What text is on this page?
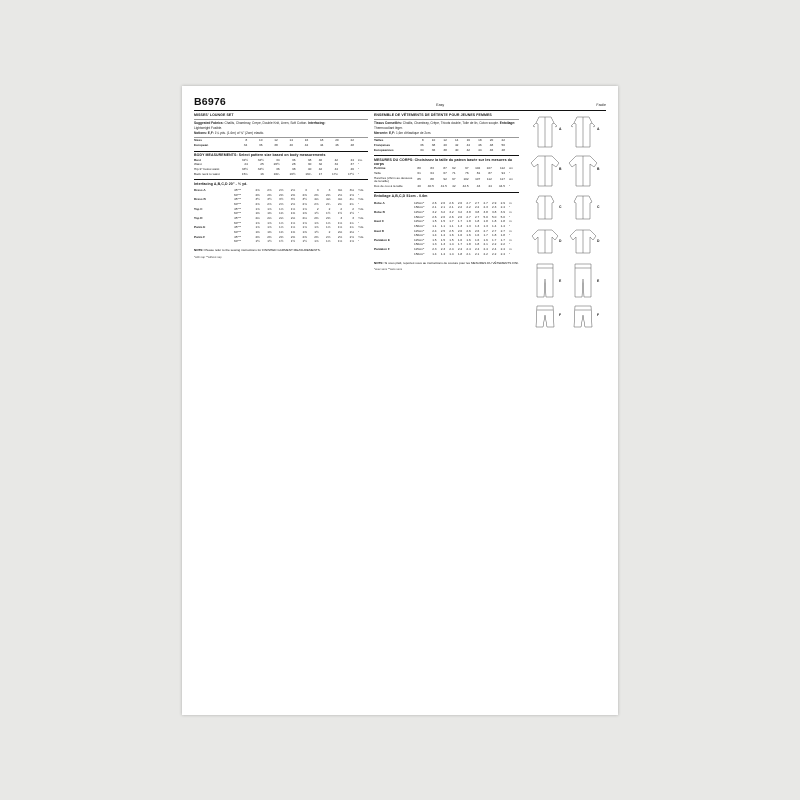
B6976	Easy	Facile
MISSES' LOUNGE SET
Suggested Fabrics: Challis, Chambray, Crepe, Double Knit, Linen, Soft Cotton. Interfacing:
Lightweight Fusible.
Notions: E,F: 1¼ yds. (1.6m) of ¾" (2cm) elastic.
Sizes	8	10	12	14	16	18	20	22	
European	34	36	38	40	42	44	46	48	
BODY MEASUREMENTS: Select pattern size based on body measurements
Bust	31½	32½	34	36	38	40	42	44	ins.
Waist	24	25	26½	28	30	32	34	37	"
Hip-9" below waist	33½	34½	36	38	40	42	44	46	"
Back neck to waist	15¾	16	16¼	16½	16¾	17	17¼	17½	"
Interfacing A,B,C,D 20" - ½ yd.
Dress A	45"**	2⅝	2⅝	2⅝	2⅝	3	3	3	3⅛	3⅛	Yds.
	60"**	2⅜	2⅜	2⅜	2⅜	2⅜	2⅜	2⅜	2⅝	2⅝	"
Dress B	45"**	3½	3½	3½	3½	3½	4⅛	4⅛	4⅛	4¼	Yds.
	60"**	2⅝	2⅝	2⅝	2⅝	2⅝	2⅝	2¾	2¾	2¾	"
Top C	45"**	1⅝	1⅝	1⅝	1⅝	1⅝	2	2	2	2	Yds.
	60"**	1⅜	1⅜	1⅜	1⅜	1⅜	1½	1½	1½	1½	"
Top D	45"**	2⅛	2⅛	2⅛	2⅛	2⅛	2⅜	2⅜	3	3	Yds.
	60"**	1⅝	1⅝	1⅝	1⅝	1⅝	1⅝	1⅝	1⅝	1¾	"
Pants E	45"**	1⅝	1⅝	1⅝	1⅝	1⅝	1⅝	1⅝	1⅝	1¾	Yds.
	60"**	1⅜	1⅜	1⅜	1⅜	1⅜	1½	2	2⅛	2⅛	"
Pants F	45"**	2⅜	2⅜	2⅜	2⅜	2⅜	2⅜	2⅝	2⅝	2⅝	Yds.
	60"**	1½	1½	1½	1½	1½	1⅝	1⅝	1⅝	1⅝	"
NOTE: Please refer to the sewing instructions for FINISHED GARMENT MEASUREMENTS.
*with nap **without nap
ENSEMBLE DE VÊTEMENTS DE DÉTENTE POUR JEUNES FEMMES
Tissus Conseillés: Challis, Chambray, Crêpe, Tricots double, Toile de lin, Coton souple. Entoilage:
Thermocollant léger.
Mercerie: E,F: 1,6m d'élastique de 2cm.
Tailles	8	10	12	14	16	18	20	22	
Françaises	36	38	40	42	44	46	48	50	
Européennes	34	36	38	40	42	44	46	48	
MESURES DU CORPS: Choisissez la taille du patron basée sur les mesures du corps
Poitrine	80	83	87	92	97	102	107	112	cm
Taille	61	64	67	71	76	81	87	94	"
Hanches (23cm au dessous de la taille)	85	88	92	97	102	107	112	117	cm
Dos de cou à la taille	40	40.5	41.5	42	42.5	43	44	44.5	"
Entoilage A,B,C,D 51cm - 0.6m
Robe A	115cm*	2.6	2.6	2.6	2.6	2.7	2.7	2.7	2.9	2.9	m
	150cm*	2.1	2.1	2.1	2.2	2.2	2.2	2.3	2.3	2.4	"
Robe B	115cm*	3.2	3.2	3.2	3.2	3.8	3.8	3.8	3.8	3.9	m
	150cm*	2.6	2.6	2.6	2.6	2.7	2.7	5.0	5.0	5.0	"
Haut C	115cm*	1.5	1.5	1.7	1.7	1.8	1.8	1.8	1.8	1.8	m
	150cm*	1.1	1.1	1.1	1.3	1.3	1.3	1.3	1.4	1.4	"
Haut D	115cm*	2.4	2.5	2.5	2.6	2.6	2.6	2.7	2.7	2.7	m
	150cm*	1.4	1.4	1.6	1.6	1.6	1.6	1.7	1.8	1.8	"
Pantalon E	115cm*	1.5	1.5	1.5	1.6	1.6	1.6	1.6	1.7	1.7	m
	150cm*	1.3	1.3	1.4	1.7	1.8	1.8	2.1	2.2	2.2	"
Pantalon F	115cm*	2.3	2.3	2.4	2.4	2.4	2.4	2.4	2.4	2.4	m
	150cm*	1.4	1.4	1.4	1.8	2.1	2.1	2.2	2.2	2.4	"
NOTE: Si vous plaît, reportez-vous au instructions de couture pour les MESURES DU VÊTEMENTS FINI.
*avec sens **sans sens
A	A
B	B
C	C
D	D
E	E
F	F
